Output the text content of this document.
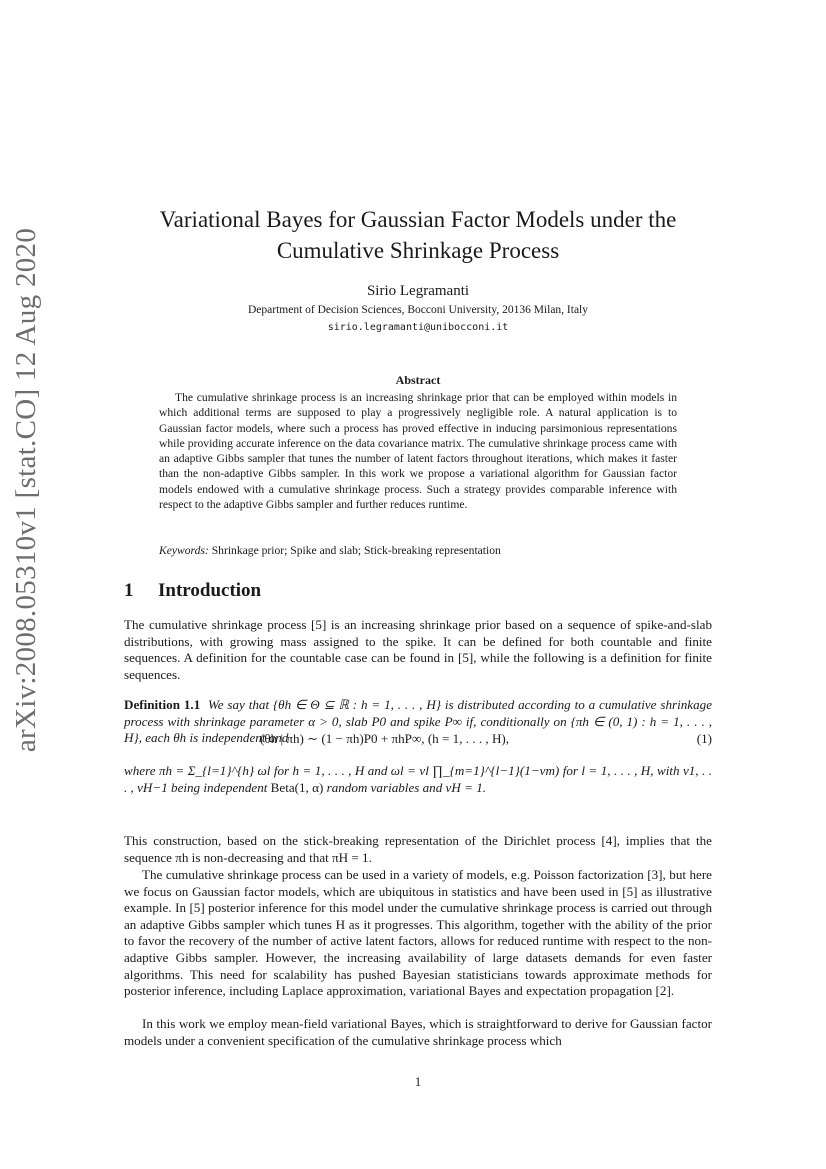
arXiv:2008.05310v1 [stat.CO] 12 Aug 2020
Variational Bayes for Gaussian Factor Models under the Cumulative Shrinkage Process
Sirio Legramanti
Department of Decision Sciences, Bocconi University, 20136 Milan, Italy
sirio.legramanti@unibocconi.it
Abstract
The cumulative shrinkage process is an increasing shrinkage prior that can be employed within models in which additional terms are supposed to play a progressively negligible role. A natural application is to Gaussian factor models, where such a process has proved effective in inducing parsimonious representations while providing accurate inference on the data covariance matrix. The cumulative shrinkage process came with an adaptive Gibbs sampler that tunes the number of latent factors throughout iterations, which makes it faster than the non-adaptive Gibbs sampler. In this work we propose a variational algorithm for Gaussian factor models endowed with a cumulative shrinkage process. Such a strategy provides comparable inference with respect to the adaptive Gibbs sampler and further reduces runtime.
Keywords: Shrinkage prior; Spike and slab; Stick-breaking representation
1 Introduction
The cumulative shrinkage process [5] is an increasing shrinkage prior based on a sequence of spike-and-slab distributions, with growing mass assigned to the spike. It can be defined for both countable and finite sequences. A definition for the countable case can be found in [5], while the following is a definition for finite sequences.
Definition 1.1 We say that {θh ∈ Θ ⊆ ℝ : h = 1, . . . , H} is distributed according to a cumulative shrinkage process with shrinkage parameter α > 0, slab P0 and spike P∞ if, conditionally on {πh ∈ (0, 1) : h = 1, . . . , H}, each θh is independent and
(θh | πh) ∼ (1 − πh)P0 + πhP∞, (h = 1, . . . , H),	(1)
where πh = Σ_{l=1}^{h} ωl for h = 1, . . . , H and ωl = vl ∏_{m=1}^{l−1}(1−vm) for l = 1, . . . , H, with v1, . . . , vH−1 being independent Beta(1, α) random variables and vH = 1.
This construction, based on the stick-breaking representation of the Dirichlet process [4], implies that the sequence πh is non-decreasing and that πH = 1.
The cumulative shrinkage process can be used in a variety of models, e.g. Poisson factorization [3], but here we focus on Gaussian factor models, which are ubiquitous in statistics and have been used in [5] as illustrative example. In [5] posterior inference for this model under the cumulative shrinkage process is carried out through an adaptive Gibbs sampler which tunes H as it progresses. This algorithm, together with the ability of the prior to favor the recovery of the number of active latent factors, allows for reduced runtime with respect to the non-adaptive Gibbs sampler. However, the increasing availability of large datasets demands for even faster algorithms. This need for scalability has pushed Bayesian statisticians towards approximate methods for posterior inference, including Laplace approximation, variational Bayes and expectation propagation [2].
In this work we employ mean-field variational Bayes, which is straightforward to derive for Gaussian factor models under a convenient specification of the cumulative shrinkage process which
1
